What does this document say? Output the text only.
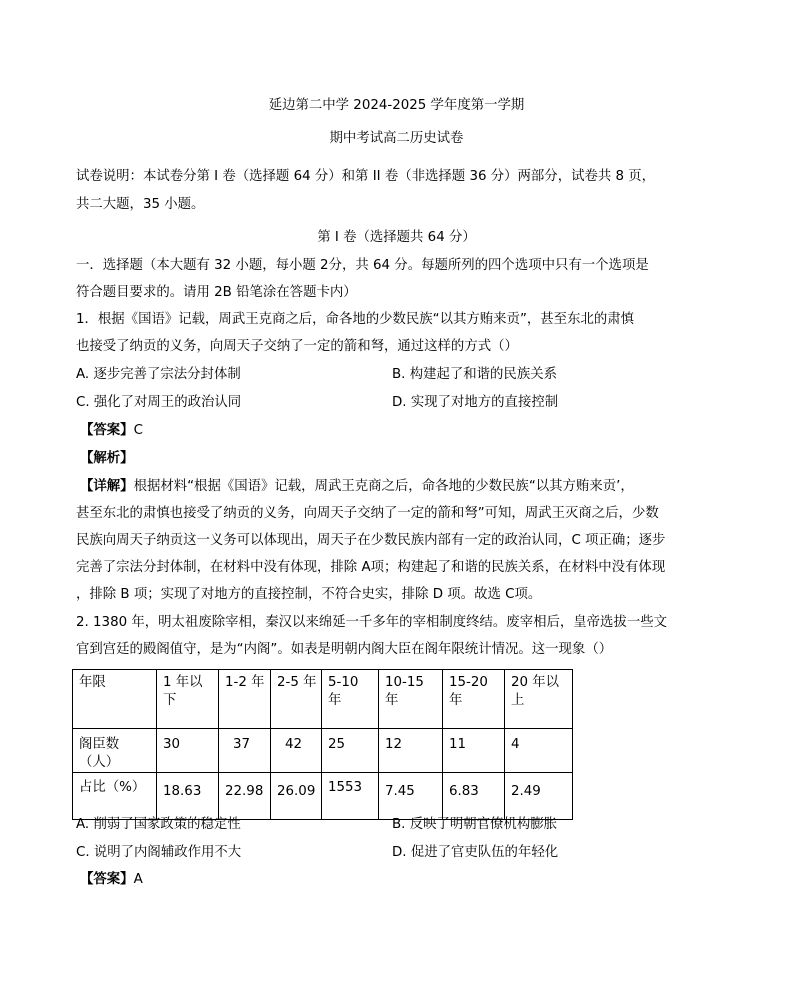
延边第二中学 2024-2025 学年度第一学期
期中考试高二历史试卷
试卷说明：本试卷分第 I 卷（选择题 64 分）和第 II 卷（非选择题 36 分）两部分，试卷共 8 页，
共二大题，35 小题。
第 I 卷（选择题共 64 分）
一．选择题（本大题有 32 小题，每小题 2分，共 64 分。每题所列的四个选项中只有一个选项是
符合题目要求的。请用 2B 铅笔涂在答题卡内）
1．根据《国语》记载，周武王克商之后，命各地的少数民族“以其方贿来贡”，甚至东北的肃慎
也接受了纳贡的义务，向周天子交纳了一定的箭和弩，通过这样的方式（）
A. 逐步完善了宗法分封体制	B. 构建起了和谐的民族关系
C. 强化了对周王的政治认同	D. 实现了对地方的直接控制
【答案】C
【解析】
【详解】根据材料“根据《国语》记载，周武王克商之后，命各地的少数民族“以其方贿来贡’，
甚至东北的肃慎也接受了纳贡的义务，向周天子交纳了一定的箭和弩”可知，周武王灭商之后，少数
民族向周天子纳贡这一义务可以体现出，周天子在少数民族内部有一定的政治认同，C 项正确；逐步
完善了宗法分封体制，在材料中没有体现，排除 A项；构建起了和谐的民族关系，在材料中没有体现
，排除 B 项；实现了对地方的直接控制，不符合史实，排除 D 项。故选 C项。
2. 1380 年，明太祖废除宰相，秦汉以来绵延一千多年的宰相制度终结。废宰相后，皇帝选拔一些文
官到宫廷的殿阁值守，是为“内阁”。如表是明朝内阁大臣在阁年限统计情况。这一现象（）
年限	1 年以下	1-2 年	2-5 年	5-10 年	10-15 年	15-20 年	20 年以上
阁臣数（人）	30	37	42	25	12	11	4
占比（%）	18.63	22.98	26.09	1553	7.45	6.83	2.49
A. 削弱了国家政策的稳定性	B. 反映了明朝官僚机构膨胀
C. 说明了内阁辅政作用不大	D. 促进了官吏队伍的年轻化
【答案】A
